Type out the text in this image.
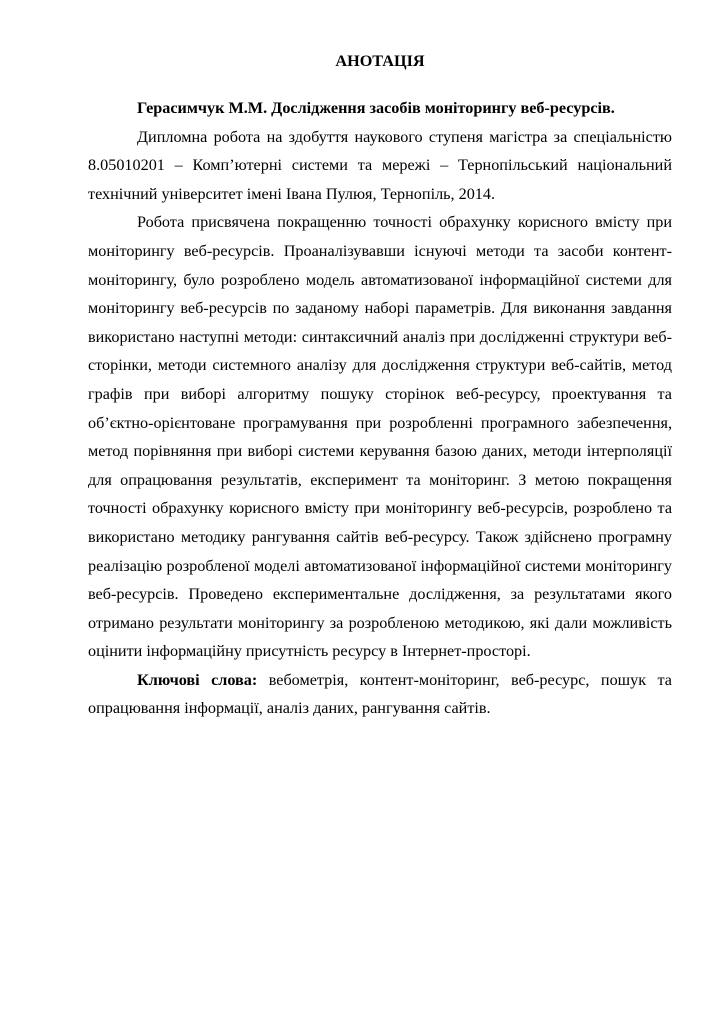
АНОТАЦІЯ

Герасимчук М.М. Дослідження засобів моніторингу веб-ресурсів.

Дипломна робота на здобуття наукового ступеня магістра за спеціальністю 8.05010201 – Комп’ютерні системи та мережі – Тернопільський національний технічний університет імені Івана Пулюя, Тернопіль, 2014.

Робота присвячена покращенню точності обрахунку корисного вмісту при моніторингу веб-ресурсів. Проаналізувавши існуючі методи та засоби контент-моніторингу, було розроблено модель автоматизованої інформаційної системи для моніторингу веб-ресурсів по заданому наборі параметрів. Для виконання завдання використано наступні методи: синтаксичний аналіз при дослідженні структури веб-сторінки, методи системного аналізу для дослідження структури веб-сайтів, метод графів при виборі алгоритму пошуку сторінок веб-ресурсу, проектування та об’єктно-орієнтоване програмування при розробленні програмного забезпечення, метод порівняння при виборі системи керування базою даних, методи інтерполяції для опрацювання результатів, експеримент та моніторинг. З метою покращення точності обрахунку корисного вмісту при моніторингу веб-ресурсів, розроблено та використано методику рангування сайтів веб-ресурсу. Також здійснено програмну реалізацію розробленої моделі автоматизованої інформаційної системи моніторингу веб-ресурсів. Проведено експериментальне дослідження, за результатами якого отримано результати моніторингу за розробленою методикою, які дали можливість оцінити інформаційну присутність ресурсу в Інтернет-просторі.

Ключові слова: вебометрія, контент-моніторинг, веб-ресурс, пошук та опрацювання інформації, аналіз даних, рангування сайтів.
